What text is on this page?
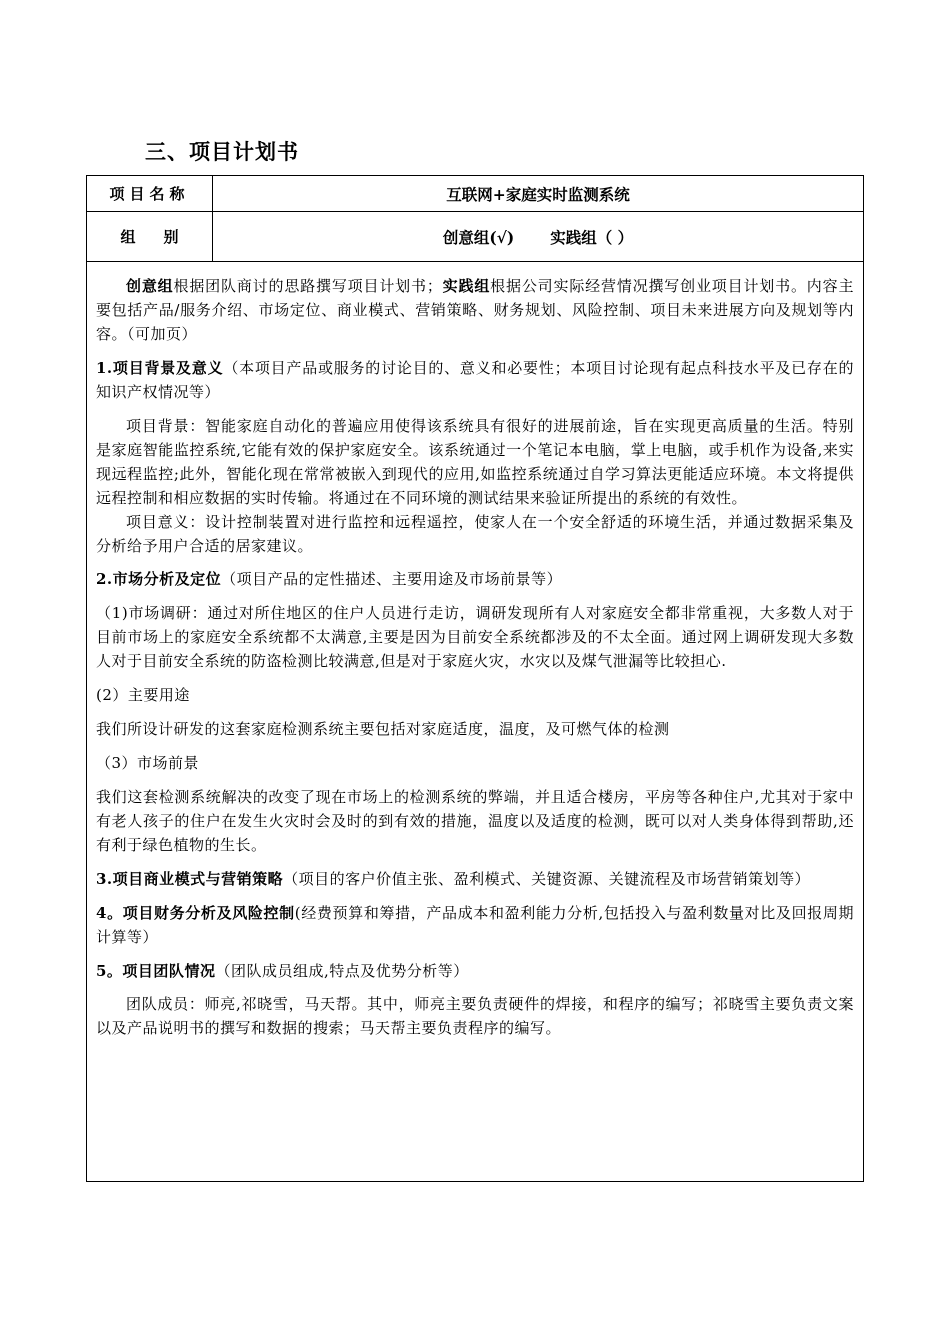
三、项目计划书
项目名称	互联网+家庭实时监测系统
组别	创意组(√) 实践组（ ）

创意组根据团队商讨的思路撰写项目计划书；实践组根据公司实际经营情况撰写创业项目计划书。内容主要包括产品/服务介绍、市场定位、商业模式、营销策略、财务规划、风险控制、项目未来进展方向及规划等内容。（可加页）

1.项目背景及意义（本项目产品或服务的讨论目的、意义和必要性；本项目讨论现有起点科技水平及已存在的知识产权情况等）

项目背景：智能家庭自动化的普遍应用使得该系统具有很好的进展前途，旨在实现更高质量的生活。特别是家庭智能监控系统,它能有效的保护家庭安全。该系统通过一个笔记本电脑，掌上电脑，或手机作为设备,来实现远程监控;此外，智能化现在常常被嵌入到现代的应用,如监控系统通过自学习算法更能适应环境。本文将提供远程控制和相应数据的实时传输。将通过在不同环境的测试结果来验证所提出的系统的有效性。

项目意义：设计控制装置对进行监控和远程遥控，使家人在一个安全舒适的环境生活，并通过数据采集及分析给予用户合适的居家建议。

2.市场分析及定位（项目产品的定性描述、主要用途及市场前景等）

（1)市场调研：通过对所住地区的住户人员进行走访，调研发现所有人对家庭安全都非常重视，大多数人对于目前市场上的家庭安全系统都不太满意,主要是因为目前安全系统都涉及的不太全面。通过网上调研发现大多数人对于目前安全系统的防盗检测比较满意,但是对于家庭火灾，水灾以及煤气泄漏等比较担心.

(2）主要用途

我们所设计研发的这套家庭检测系统主要包括对家庭适度，温度，及可燃气体的检测

（3）市场前景

我们这套检测系统解决的改变了现在市场上的检测系统的弊端，并且适合楼房，平房等各种住户,尤其对于家中有老人孩子的住户在发生火灾时会及时的到有效的措施，温度以及适度的检测，既可以对人类身体得到帮助,还有利于绿色植物的生长。

3.项目商业模式与营销策略（项目的客户价值主张、盈利模式、关键资源、关键流程及市场营销策划等）

4。项目财务分析及风险控制(经费预算和筹措，产品成本和盈利能力分析,包括投入与盈利数量对比及回报周期计算等）

5。项目团队情况（团队成员组成,特点及优势分析等）

团队成员：师亮,祁晓雪，马天帮。其中，师亮主要负责硬件的焊接，和程序的编写；祁晓雪主要负责文案以及产品说明书的撰写和数据的搜索；马天帮主要负责程序的编写。
